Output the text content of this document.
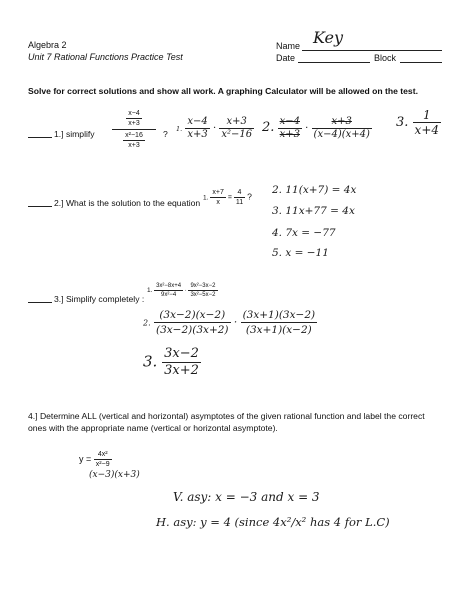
Algebra 2
Unit 7 Rational Functions Practice Test
Name Key
Date	Block
Solve for correct solutions and show all work. A graphing Calculator will be allowed on the test.
1.] simplify $\frac{\frac{x-4}{x+3}}{\frac{\text{x²−16}}{x+3}}$ ? 1. $\frac{x-4}{x+3} \cdot \frac{x+3}{\text{x²−16}} 2$. $\frac{x-4}{x+3} \cdot \frac{x+3}{(x-4)(x+4)} 3$. $\frac{1}{x+4}$
2.] What is the solution to the equation
1. $\frac{x+7}{x} = \frac{4}{11}$ ?
2. 11(x+7) = 4x
3. 11x+77 = 4x
4. 7x = −77
5. x = −11
3.] Simplify completely :
1. $\frac{\text{3x²−8x+4}}{\text{9x²−4}} \cdot \frac{\text{9x²−3x−2}}{\text{3x²−5x−2}}$
2. $\frac{(3x-2)(x-2)}{(3x-2)(3x+2)} \cdot \frac{(3x+1)(3x-2)}{(3x+1)(x-2)}$
3. $\frac{3x-2}{3x+2}$
4.] Determine ALL (vertical and horizontal) asymptotes of the given rational function and label the correct
ones with the appropriate name (vertical or horizontal asymptote).
$y = \frac{\text{4x²}}{\text{x²−9}}$
(x−3)(x+3)
V. asy: x = −3 and x = 3
H. asy: y = 4 (since 4x²/x² has 4 for L.C)
